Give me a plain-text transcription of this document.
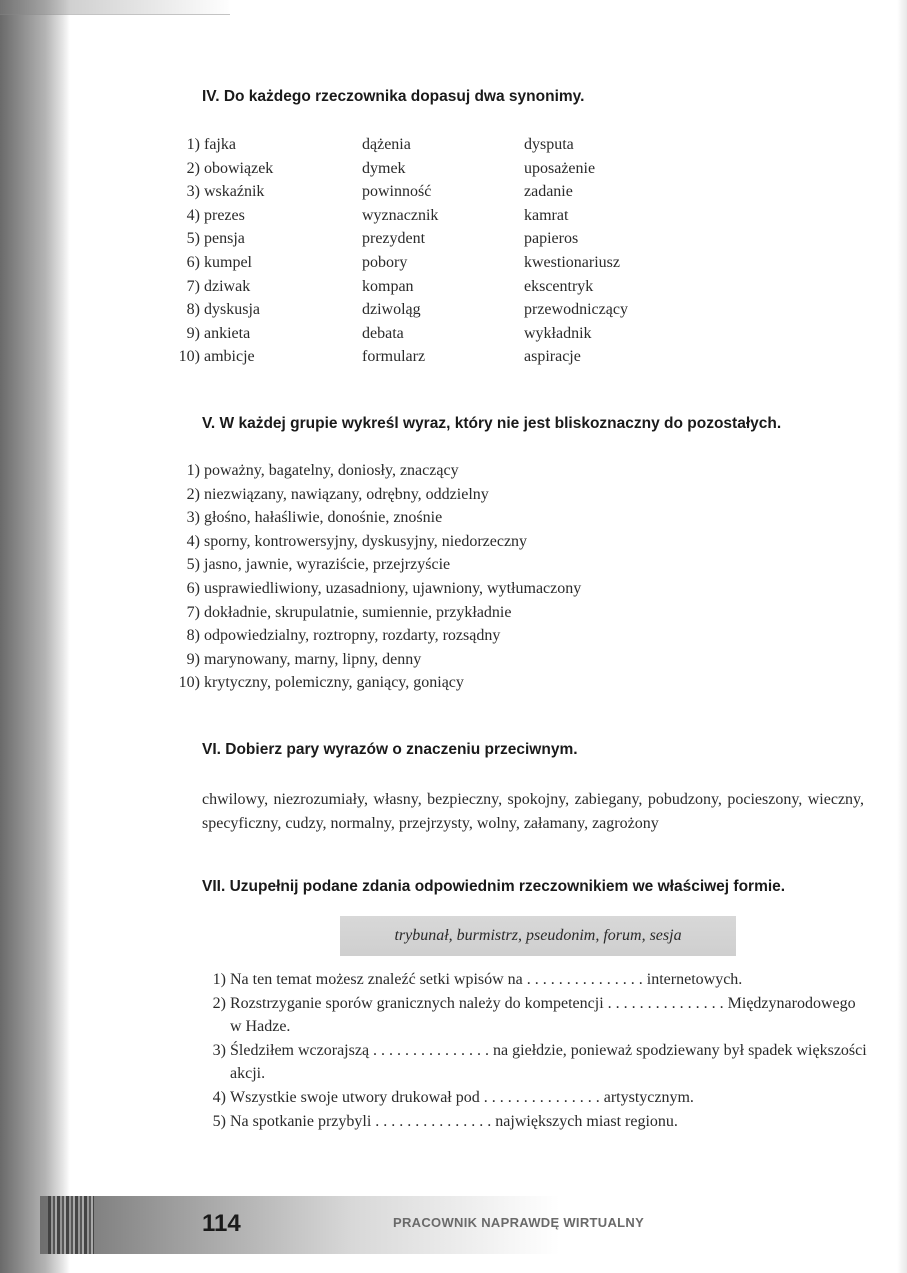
IV. Do każdego rzeczownika dopasuj dwa synonimy.
1) fajka
2) obowiązek
3) wskaźnik
4) prezes
5) pensja
6) kumpel
7) dziwak
8) dyskusja
9) ankieta
10) ambicje
dążenia
dymek
powinność
wyznacznik
prezydent
pobory
kompan
dziwoląg
debata
formularz
dysputa
uposażenie
zadanie
kamrat
papieros
kwestionariusz
ekscentryk
przewodniczący
wykładnik
aspiracje
V. W każdej grupie wykreśl wyraz, który nie jest bliskoznaczny do pozostałych.
1) poważny, bagatelny, doniosły, znaczący
2) niezwiązany, nawiązany, odrębny, oddzielny
3) głośno, hałaśliwie, donośnie, znośnie
4) sporny, kontrowersyjny, dyskusyjny, niedorzeczny
5) jasno, jawnie, wyraziście, przejrzyście
6) usprawiedliwiony, uzasadniony, ujawniony, wytłumaczony
7) dokładnie, skrupulatnie, sumiennie, przykładnie
8) odpowiedzialny, roztropny, rozdarty, rozsądny
9) marynowany, marny, lipny, denny
10) krytyczny, polemiczny, ganiący, goniący
VI. Dobierz pary wyrazów o znaczeniu przeciwnym.

chwilowy, niezrozumiały, własny, bezpieczny, spokojny, zabiegany, pobudzony, pocieszony, wieczny, specyficzny, cudzy, normalny, przejrzysty, wolny, załamany, zagrożony

VII. Uzupełnij podane zdania odpowiednim rzeczownikiem we właściwej formie.
trybunał, burmistrz, pseudonim, forum, sesja
1) Na ten temat możesz znaleźć setki wpisów na . . . . . . . . . . . . . . . internetowych.
2) Rozstrzyganie sporów granicznych należy do kompetencji . . . . . . . . . . . . . . . Międzynarodowego w Hadze.
3) Śledziłem wczorajszą . . . . . . . . . . . . . . . na giełdzie, ponieważ spodziewany był spadek większości akcji.
4) Wszystkie swoje utwory drukował pod . . . . . . . . . . . . . . . artystycznym.
5) Na spotkanie przybyli . . . . . . . . . . . . . . . największych miast regionu.
114	PRACOWNIK NAPRAWDĘ WIRTUALNY
